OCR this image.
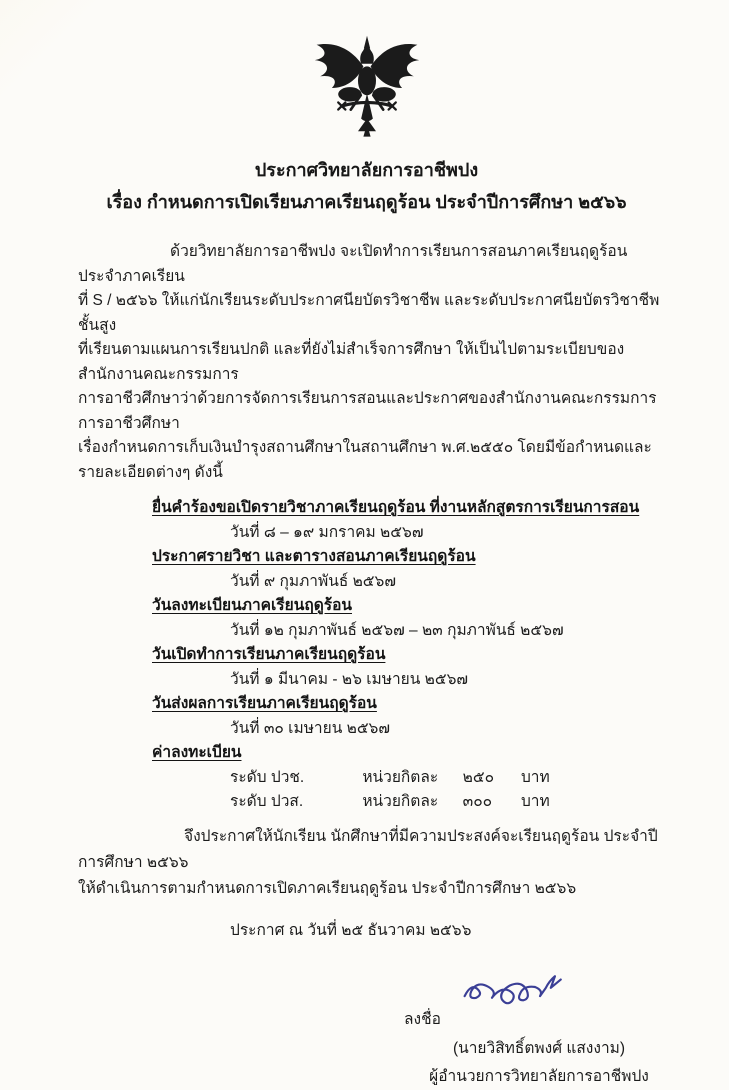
ประกาศวิทยาลัยการอาชีพปง
เรื่อง กำหนดการเปิดเรียนภาคเรียนฤดูร้อน ประจำปีการศึกษา ๒๕๖๖
ด้วยวิทยาลัยการอาชีพปง จะเปิดทำการเรียนการสอนภาคเรียนฤดูร้อนประจำภาคเรียน
ที่ S / ๒๕๖๖ ให้แก่นักเรียนระดับประกาศนียบัตรวิชาชีพ และระดับประกาศนียบัตรวิชาชีพชั้นสูง
ที่เรียนตามแผนการเรียนปกติ และที่ยังไม่สำเร็จการศึกษา ให้เป็นไปตามระเบียบของสำนักงานคณะกรรมการ
การอาชีวศึกษาว่าด้วยการจัดการเรียนการสอนและประกาศของสำนักงานคณะกรรมการการอาชีวศึกษา
เรื่องกำหนดการเก็บเงินบำรุงสถานศึกษาในสถานศึกษา พ.ศ.๒๕๕๐ โดยมีข้อกำหนดและรายละเอียดต่างๆ ดังนี้
ยื่นคำร้องขอเปิดรายวิชาภาคเรียนฤดูร้อน ที่งานหลักสูตรการเรียนการสอน
วันที่ ๘ – ๑๙ มกราคม ๒๕๖๗
ประกาศรายวิชา และตารางสอนภาคเรียนฤดูร้อน
วันที่ ๙ กุมภาพันธ์ ๒๕๖๗
วันลงทะเบียนภาคเรียนฤดูร้อน
วันที่ ๑๒ กุมภาพันธ์ ๒๕๖๗ – ๒๓ กุมภาพันธ์ ๒๕๖๗
วันเปิดทำการเรียนภาคเรียนฤดูร้อน
วันที่ ๑ มีนาคม - ๒๖ เมษายน ๒๕๖๗
วันส่งผลการเรียนภาคเรียนฤดูร้อน
วันที่ ๓๐ เมษายน ๒๕๖๗
ค่าลงทะเบียน
ระดับ ปวช.	หน่วยกิตละ ๒๕๐ บาท
ระดับ ปวส.	หน่วยกิตละ ๓๐๐ บาท
จึงประกาศให้นักเรียน นักศึกษาที่มีความประสงค์จะเรียนฤดูร้อน ประจำปีการศึกษา ๒๕๖๖
ให้ดำเนินการตามกำหนดการเปิดภาคเรียนฤดูร้อน ประจำปีการศึกษา ๒๕๖๖
ประกาศ ณ วันที่ ๒๕ ธันวาคม ๒๕๖๖
ลงชื่อ
(นายวิสิทธิ์ตพงศ์ แสงงาม)
ผู้อำนวยการวิทยาลัยการอาชีพปง
